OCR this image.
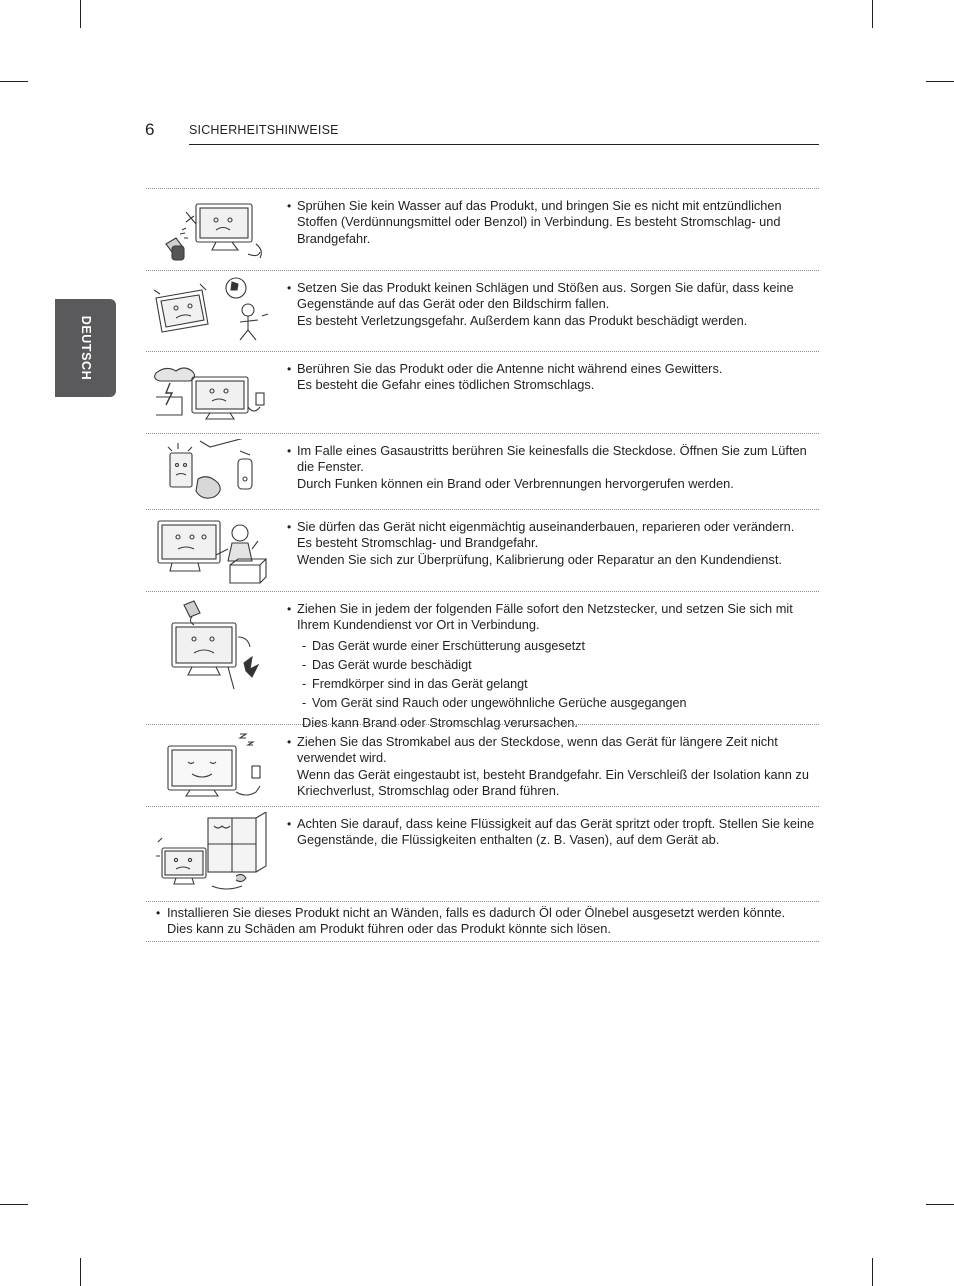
6	SICHERHEITSHINWEISE
DEUTSCH
• Sprühen Sie kein Wasser auf das Produkt, und bringen Sie es nicht mit entzündlichen Stoffen (Verdünnungsmittel oder Benzol) in Verbindung. Es besteht Stromschlag- und Brandgefahr.

• Setzen Sie das Produkt keinen Schlägen und Stößen aus. Sorgen Sie dafür, dass keine Gegenstände auf das Gerät oder den Bildschirm fallen.

Es besteht Verletzungsgefahr. Außerdem kann das Produkt beschädigt werden.

• Berühren Sie das Produkt oder die Antenne nicht während eines Gewitters.

Es besteht die Gefahr eines tödlichen Stromschlags.

• Im Falle eines Gasaustritts berühren Sie keinesfalls die Steckdose. Öffnen Sie zum Lüften die Fenster.

Durch Funken können ein Brand oder Verbrennungen hervorgerufen werden.

• Sie dürfen das Gerät nicht eigenmächtig auseinanderbauen, reparieren oder verändern.

Es besteht Stromschlag- und Brandgefahr.

Wenden Sie sich zur Überprüfung, Kalibrierung oder Reparatur an den Kundendienst.

• Ziehen Sie in jedem der folgenden Fälle sofort den Netzstecker, und setzen Sie sich mit Ihrem Kundendienst vor Ort in Verbindung.

- Das Gerät wurde einer Erschütterung ausgesetzt
- Das Gerät wurde beschädigt
- Fremdkörper sind in das Gerät gelangt
- Vom Gerät sind Rauch oder ungewöhnliche Gerüche ausgegangen

Dies kann Brand oder Stromschlag verursachen.

• Ziehen Sie das Stromkabel aus der Steckdose, wenn das Gerät für längere Zeit nicht verwendet wird.

Wenn das Gerät eingestaubt ist, besteht Brandgefahr. Ein Verschleiß der Isolation kann zu Kriechverlust, Stromschlag oder Brand führen.

• Achten Sie darauf, dass keine Flüssigkeit auf das Gerät spritzt oder tropft. Stellen Sie keine Gegenstände, die Flüssigkeiten enthalten (z. B. Vasen), auf dem Gerät ab.

• Installieren Sie dieses Produkt nicht an Wänden, falls es dadurch Öl oder Ölnebel ausgesetzt werden könnte.

Dies kann zu Schäden am Produkt führen oder das Produkt könnte sich lösen.
